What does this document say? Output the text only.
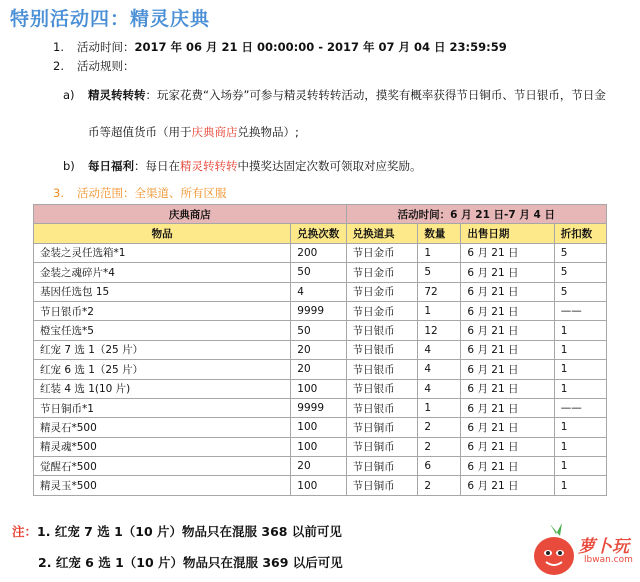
特别活动四：精灵庆典
1. 活动时间：2017 年 06 月 21 日 00:00:00 - 2017 年 07 月 04 日 23:59:59
2. 活动规则：
a) 精灵转转转：玩家花费“入场券”可参与精灵转转转活动，摸奖有概率获得节日铜币、节日银币，节日金
币等超值货币（用于庆典商店兑换物品）;
b) 每日福利：每日在精灵转转转中摸奖达固定次数可领取对应奖励。
3. 活动范围：全渠道、所有区服
庆典商店		活动时间：6 月 21 日-7 月 4 日			
物品	兑换次数	兑换道具	数量	出售日期	折扣数
金装之灵任选箱*1	200	节日金币	1	6 月 21 日	5
金装之魂碎片*4	50	节日金币	5	6 月 21 日	5
基因任选包 15	4	节日金币	72	6 月 21 日	5
节日银币*2	9999	节日金币	1	6 月 21 日	——
橙宝任选*5	50	节日银币	12	6 月 21 日	1
红宠 7 选 1（25 片）	20	节日银币	4	6 月 21 日	1
红宠 6 选 1（25 片）	20	节日银币	4	6 月 21 日	1
红装 4 选 1(10 片)	100	节日银币	4	6 月 21 日	1
节日铜币*1	9999	节日银币	1	6 月 21 日	——
精灵石*500	100	节日铜币	2	6 月 21 日	1
精灵魂*500	100	节日铜币	2	6 月 21 日	1
觉醒石*500	20	节日铜币	6	6 月 21 日	1
精灵玉*500	100	节日铜币	2	6 月 21 日	1
注：1. 红宠 7 选 1（10 片）物品只在混服 368 以前可见
2. 红宠 6 选 1（10 片）物品只在混服 369 以后可见
萝卜玩
lbwan.com
